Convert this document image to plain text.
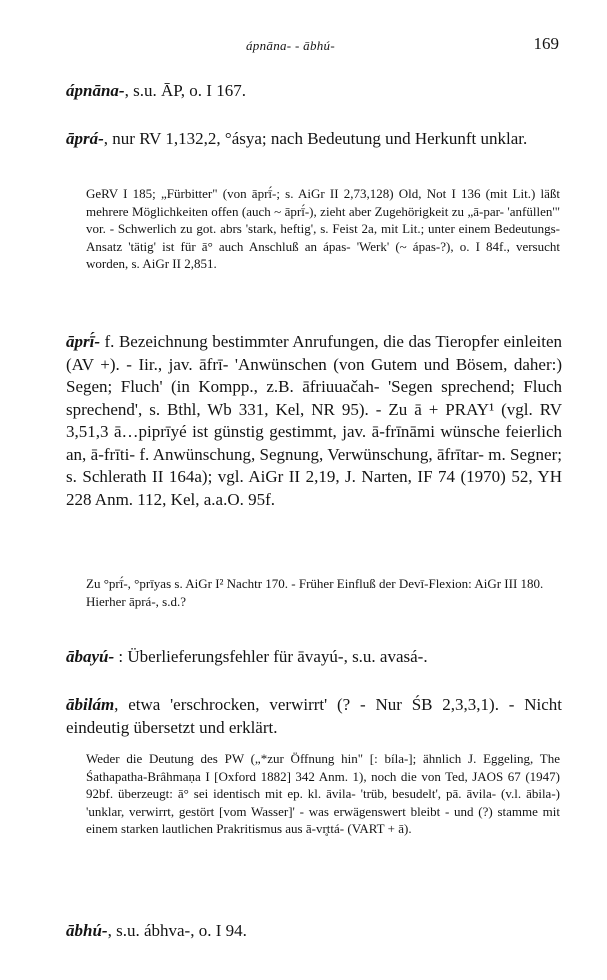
ápnāna- - ābhú-	169
ápnāna-, s.u. ĀP, o. I 167.
āprá-, nur RV 1,132,2, °ásya; nach Bedeutung und Herkunft unklar.

GeRV I 185; „Fürbitter" (von āprī́-; s. AiGr II 2,73,128) Old, Not I 136 (mit Lit.) läßt mehrere Möglichkeiten offen (auch ~ āprī́-), zieht aber Zugehörigkeit zu „ā-par- 'anfüllen'" vor. - Schwerlich zu got. abrs 'stark, heftig', s. Feist 2a, mit Lit.; unter einem Bedeutungs-Ansatz 'tätig' ist für ā° auch Anschluß an ápas- 'Werk' (~ ápas-?), o. I 84f., versucht worden, s. AiGr II 2,851.

āprī́- f. Bezeichnung bestimmter Anrufungen, die das Tieropfer einleiten (AV +). - Iir., jav. āfrī- 'Anwünschen (von Gutem und Bösem, daher:) Segen; Fluch' (in Kompp., z.B. āfriuuačah- 'Segen sprechend; Fluch sprechend', s. Bthl, Wb 331, Kel, NR 95). - Zu ā + PRAY¹ (vgl. RV 3,51,3 ā…piprīyé ist günstig gestimmt, jav. ā-frīnāmi wünsche feierlich an, ā-frīti- f. Anwünschung, Segnung, Verwünschung, āfrītar- m. Segner; s. Schlerath II 164a); vgl. AiGr II 2,19, J. Narten, IF 74 (1970) 52, YH 228 Anm. 112, Kel, a.a.O. 95f.

Zu °prī́-, °prīyas s. AiGr I² Nachtr 170. - Früher Einfluß der Devī-Flexion: AiGr III 180.

Hierher āprá-, s.d.?

ābayú- : Überlieferungsfehler für āvayú-, s.u. avasá-.
ābilám, etwa 'erschrocken, verwirrt' (? - Nur ŚB 2,3,3,1). - Nicht eindeutig übersetzt und erklärt.

Weder die Deutung des PW („*zur Öffnung hin" [: bíla-]; ähnlich J. Eggeling, The Śathapatha-Brâhmaṇa I [Oxford 1882] 342 Anm. 1), noch die von Ted, JAOS 67 (1947) 92bf. überzeugt: ā° sei identisch mit ep. kl. āvila- 'trüb, besudelt', pā. āvila- (v.l. ābila-) 'unklar, verwirrt, gestört [vom Wasser]' - was erwägenswert bleibt - und (?) stamme mit einem starken lautlichen Prakritismus aus ā-vr̥ttá- (VART + ā).

ābhú-, s.u. ábhva-, o. I 94.
